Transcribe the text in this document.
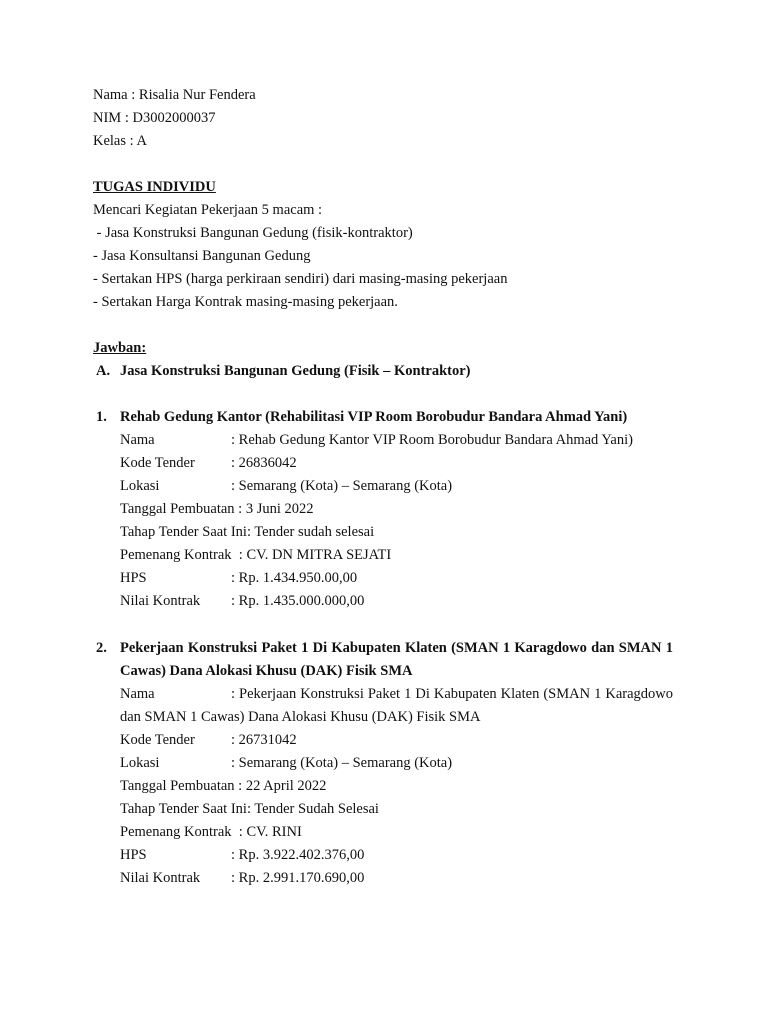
Nama : Risalia Nur Fendera
NIM : D3002000037
Kelas : A
TUGAS INDIVIDU
Mencari Kegiatan Pekerjaan 5 macam :
- Jasa Konstruksi Bangunan Gedung (fisik-kontraktor)
- Jasa Konsultansi Bangunan Gedung
- Sertakan HPS (harga perkiraan sendiri) dari masing-masing pekerjaan
- Sertakan Harga Kontrak masing-masing pekerjaan.
Jawban:
A. Jasa Konstruksi Bangunan Gedung (Fisik – Kontraktor)
1. Rehab Gedung Kantor (Rehabilitasi VIP Room Borobudur Bandara Ahmad Yani)
Nama	: Rehab Gedung Kantor VIP Room Borobudur Bandara Ahmad Yani)
Kode Tender : 26836042
Lokasi	: Semarang (Kota) – Semarang (Kota)
Tanggal Pembuatan : 3 Juni 2022
Tahap Tender Saat Ini: Tender sudah selesai
Pemenang Kontrak  : CV. DN MITRA SEJATI
HPS	: Rp. 1.434.950.00,00
Nilai Kontrak : Rp. 1.435.000.000,00
2. Pekerjaan Konstruksi Paket 1 Di Kabupaten Klaten (SMAN 1 Karagdowo dan SMAN 1 Cawas) Dana Alokasi Khusu (DAK) Fisik SMA
Nama	: Pekerjaan Konstruksi Paket 1 Di Kabupaten Klaten (SMAN 1 Karagdowo
dan SMAN 1 Cawas) Dana Alokasi Khusu (DAK) Fisik SMA
Kode Tender : 26731042
Lokasi	: Semarang (Kota) – Semarang (Kota)
Tanggal Pembuatan : 22 April 2022
Tahap Tender Saat Ini: Tender Sudah Selesai
Pemenang Kontrak  : CV. RINI
HPS	: Rp. 3.922.402.376,00
Nilai Kontrak : Rp. 2.991.170.690,00
